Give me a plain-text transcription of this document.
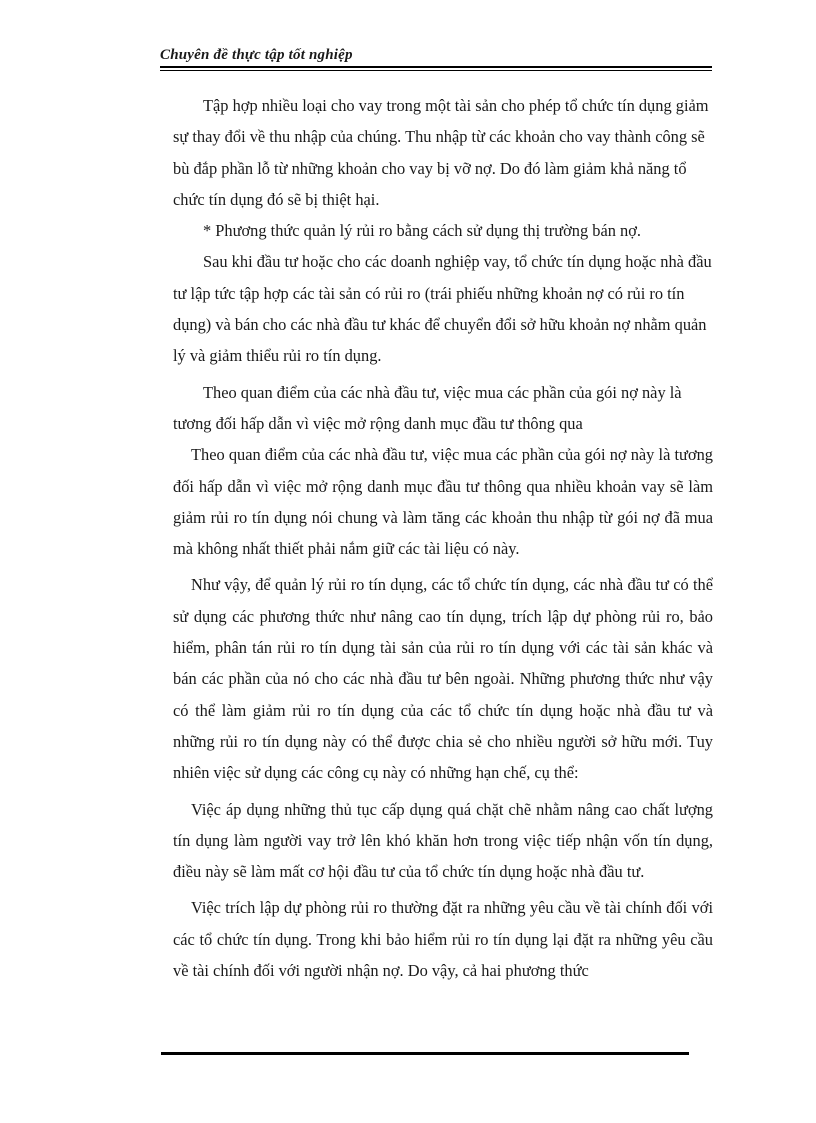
Chuyên đề thực tập tốt nghiệp

Tập hợp nhiều loại cho vay trong một tài sản cho phép tổ chức tín dụng giảm sự thay đổi về thu nhập của chúng. Thu nhập từ các khoản cho vay thành công sẽ bù đắp phần lỗ từ những khoản cho vay bị vỡ nợ. Do đó làm giảm khả năng tổ chức tín dụng đó sẽ bị thiệt hại.

* Phương thức quản lý rủi ro bằng cách sử dụng thị trường bán nợ.

Sau khi đầu tư hoặc cho các doanh nghiệp vay, tổ chức tín dụng hoặc nhà đầu tư lập tức tập hợp các tài sản có rủi ro (trái phiếu những khoản nợ có rủi ro tín dụng) và bán cho các nhà đầu tư khác để chuyển đổi sở hữu khoản nợ nhằm quản lý và giảm thiểu rủi ro tín dụng.

Theo quan điểm của các nhà đầu tư, việc mua các phần của gói nợ này là tương đối hấp dẫn vì việc mở rộng danh mục đầu tư thông qua

Theo quan điểm của các nhà đầu tư, việc mua các phần của gói nợ này là tương đối hấp dẫn vì việc mở rộng danh mục đầu tư thông qua nhiều khoản vay sẽ làm giảm rủi ro tín dụng nói chung và làm tăng các khoản thu nhập từ gói nợ đã mua mà không nhất thiết phải nắm giữ các tài liệu có này.

Như vậy, để quản lý rủi ro tín dụng, các tổ chức tín dụng, các nhà đầu tư có thể sử dụng các phương thức như nâng cao tín dụng, trích lập dự phòng rủi ro, bảo hiểm, phân tán rủi ro tín dụng tài sản của rủi ro tín dụng với các tài sản khác và bán các phần của nó cho các nhà đầu tư bên ngoài. Những phương thức như vậy có thể làm giảm rủi ro tín dụng của các tổ chức tín dụng hoặc nhà đầu tư và những rủi ro tín dụng này có thể được chia sẻ cho nhiều người sở hữu mới. Tuy nhiên việc sử dụng các công cụ này có những hạn chế, cụ thể:

Việc áp dụng những thủ tục cấp dụng quá chặt chẽ nhằm nâng cao chất lượng tín dụng làm người vay trở lên khó khăn hơn trong việc tiếp nhận vốn tín dụng, điều này sẽ làm mất cơ hội đầu tư của tổ chức tín dụng hoặc nhà đầu tư.

Việc trích lập dự phòng rủi ro thường đặt ra những yêu cầu về tài chính đối với các tổ chức tín dụng. Trong khi bảo hiểm rủi ro tín dụng lại đặt ra những yêu cầu về tài chính đối với người nhận nợ. Do vậy, cả hai phương thức
